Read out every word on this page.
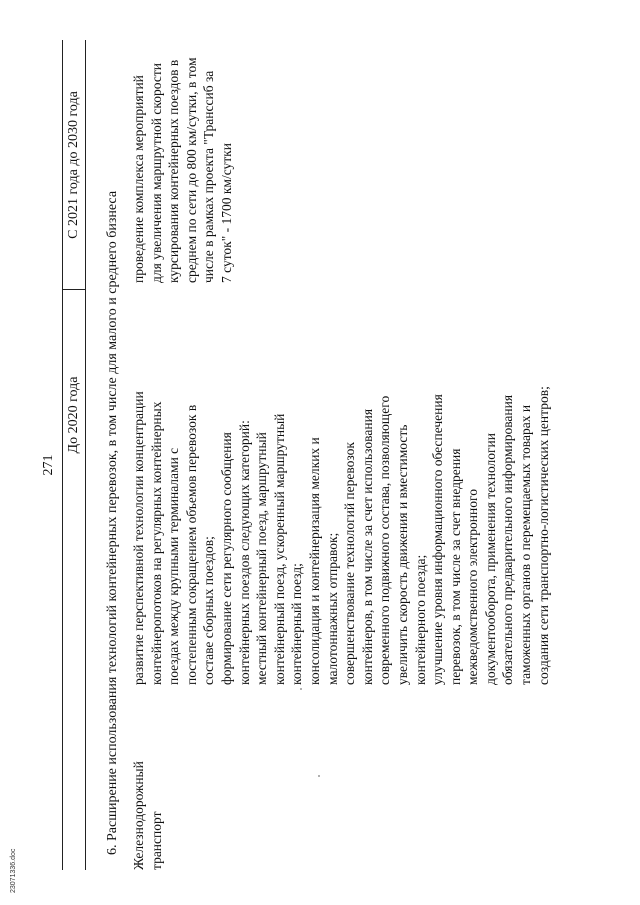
271
До 2020 года
С 2021 года до 2030 года
6. Расширение использования технологий контейнерных перевозок, в том числе для малого и среднего бизнеса Железнодорожный
транспорт
развитие перспективной технологии концентрации
контейнеропотоков на регулярных контейнерных
поездах между крупными терминалами с
постепенным сокращением объемов перевозок в
составе сборных поездов;
формирование сети регулярного сообщения
контейнерных поездов следующих категорий:
местный контейнерный поезд, маршрутный
контейнерный поезд, ускоренный маршрутный
контейнерный поезд;
консолидация и контейнеризация мелких и
малотоннажных отправок;
совершенствование технологий перевозок
контейнеров, в том числе за счет использования
современного подвижного состава, позволяющего
увеличить скорость движения и вместимость
контейнерного поезда;
улучшение уровня информационного обеспечения
перевозок, в том числе за счет внедрения
межведомственного электронного
документооборота, применения технологии
обязательного предварительного информирования
таможенных органов о перемещаемых товарах и
создания сети транспортно-логистических центров;
проведение комплекса мероприятий
для увеличения маршрутной скорости
курсирования контейнерных поездов в
среднем по сети до 800 км/сутки, в том
числе в рамках проекта "Транссиб за
7 суток" - 1700 км/сутки
23071336.doc
